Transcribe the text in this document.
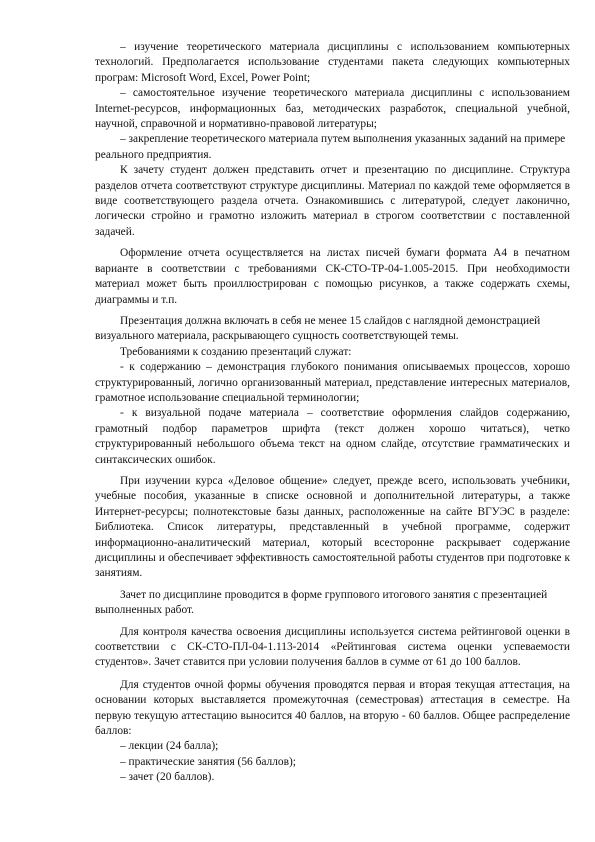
– изучение теоретического материала дисциплины с использованием компьютерных технологий. Предполагается использование студентами пакета следующих компьютерных програм: Microsoft Word, Excel, Power Point;

– самостоятельное изучение теоретического материала дисциплины с использованием Internet-ресурсов, информационных баз, методических разработок, специальной учебной, научной, справочной и нормативно-правовой литературы;

– закрепление теоретического материала путем выполнения указанных заданий на примере реального предприятия.

К зачету студент должен представить отчет и презентацию по дисциплине. Структура разделов отчета соответствуют структуре дисциплины. Материал по каждой теме оформляется в виде соответствующего раздела отчета. Ознакомившись с литературой, следует лаконично, логически стройно и грамотно изложить материал в строгом соответствии с поставленной задачей.

Оформление отчета осуществляется на листах писчей бумаги формата А4 в печатном варианте в соответствии с требованиями СК-СТО-ТР-04-1.005-2015. При необходимости материал может быть проиллюстрирован с помощью рисунков, а также содержать схемы, диаграммы и т.п.

Презентация должна включать в себя не менее 15 слайдов с наглядной демонстрацией визуального материала, раскрывающего сущность соответствующей темы.

Требованиями к созданию презентаций служат:

- к содержанию – демонстрация глубокого понимания описываемых процессов, хорошо структурированный, логично организованный материал, представление интересных материалов, грамотное использование специальной терминологии;

- к визуальной подаче материала – соответствие оформления слайдов содержанию, грамотный подбор параметров шрифта (текст должен хорошо читаться), четко структурированный небольшого объема текст на одном слайде, отсутствие грамматических и синтаксических ошибок.

При изучении курса «Деловое общение» следует, прежде всего, использовать учебники, учебные пособия, указанные в списке основной и дополнительной литературы, а также Интернет-ресурсы; полнотекстовые базы данных, расположенные на сайте ВГУЭС в разделе: Библиотека. Список литературы, представленный в учебной программе, содержит информационно-аналитический материал, который всесторонне раскрывает содержание дисциплины и обеспечивает эффективность самостоятельной работы студентов при подготовке к занятиям.

Зачет по дисциплине проводится в форме группового итогового занятия с презентацией выполненных работ.

Для контроля качества освоения дисциплины используется система рейтинговой оценки в соответствии с СК-СТО-ПЛ-04-1.113-2014 «Рейтинговая система оценки успеваемости студентов». Зачет ставится при условии получения баллов в сумме от 61 до 100 баллов.

Для студентов очной формы обучения проводятся первая и вторая текущая аттестация, на основании которых выставляется промежуточная (семестровая) аттестация в семестре. На первую текущую аттестацию выносится 40 баллов, на вторую - 60 баллов. Общее распределение баллов:

– лекции (24 балла);

– практические занятия (56 баллов);

– зачет (20 баллов).
